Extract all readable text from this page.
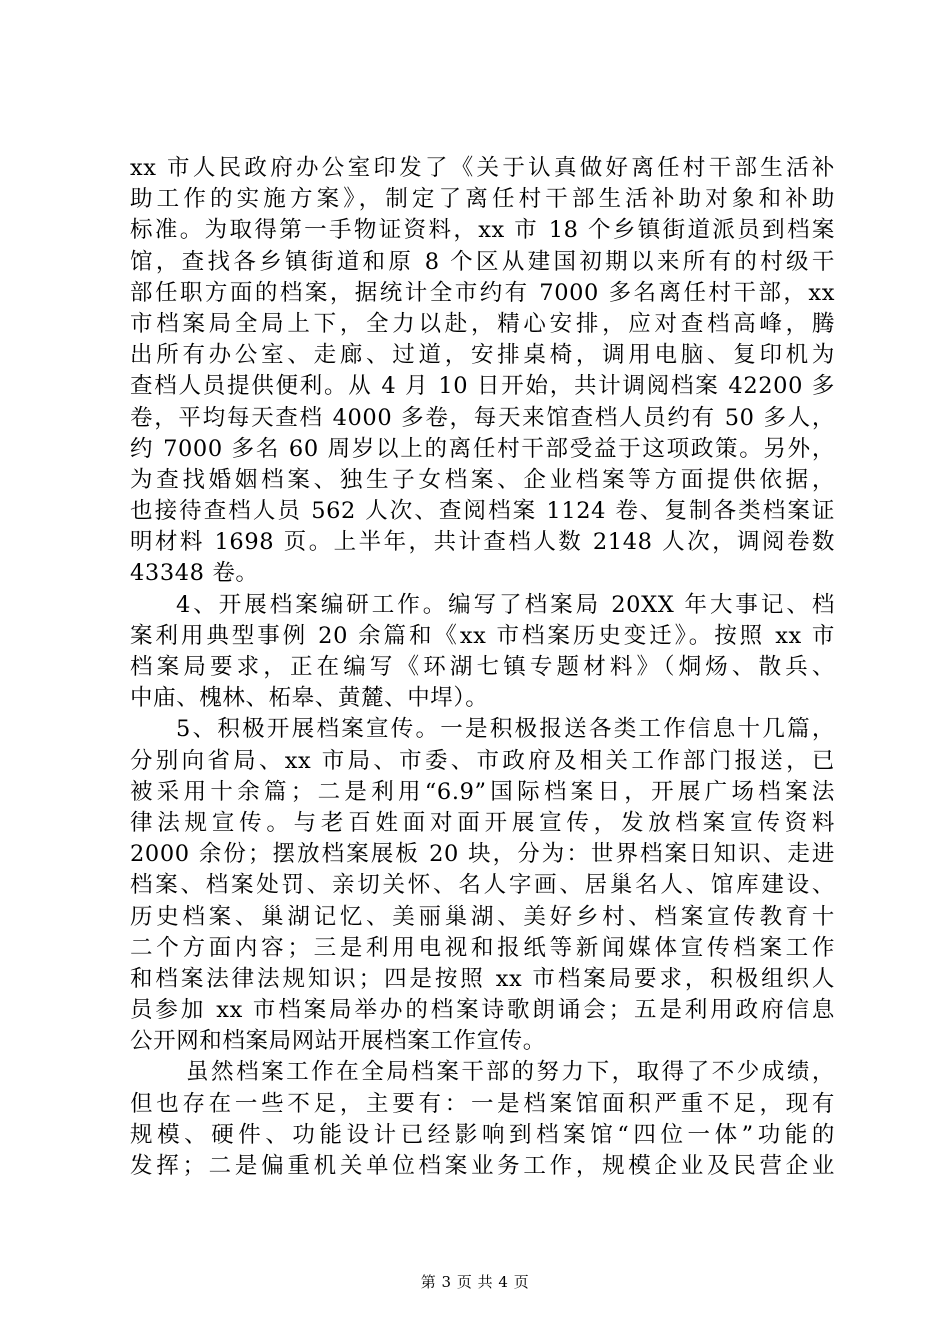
xx 市人民政府办公室印发了《关于认真做好离任村干部生活补
助工作的实施方案》，制定了离任村干部生活补助对象和补助
标准。为取得第一手物证资料，xx 市 18 个乡镇街道派员到档案
馆，查找各乡镇街道和原 8 个区从建国初期以来所有的村级干
部任职方面的档案，据统计全市约有 7000 多名离任村干部，xx
市档案局全局上下，全力以赴，精心安排，应对查档高峰，腾
出所有办公室、走廊、过道，安排桌椅，调用电脑、复印机为
查档人员提供便利。从 4 月 10 日开始，共计调阅档案 42200 多
卷，平均每天查档 4000 多卷，每天来馆查档人员约有 50 多人，
约 7000 多名 60 周岁以上的离任村干部受益于这项政策。另外，
为查找婚姻档案、独生子女档案、企业档案等方面提供依据，
也接待查档人员 562 人次、查阅档案 1124 卷、复制各类档案证
明材料 1698 页。上半年，共计查档人数 2148 人次，调阅卷数
43348 卷。
4、开展档案编研工作。编写了档案局 20XX 年大事记、档
案利用典型事例 20 余篇和《xx 市档案历史变迁》。按照 xx 市
档案局要求，正在编写《环湖七镇专题材料》（烔炀、散兵、
中庙、槐林、柘皋、黄麓、中垾）。
5、积极开展档案宣传。一是积极报送各类工作信息十几篇，
分别向省局、xx 市局、市委、市政府及相关工作部门报送，已
被采用十余篇；二是利用“6.9”国际档案日，开展广场档案法
律法规宣传。与老百姓面对面开展宣传，发放档案宣传资料
2000 余份；摆放档案展板 20 块，分为：世界档案日知识、走进
档案、档案处罚、亲切关怀、名人字画、居巢名人、馆库建设、
历史档案、巢湖记忆、美丽巢湖、美好乡村、档案宣传教育十
二个方面内容；三是利用电视和报纸等新闻媒体宣传档案工作
和档案法律法规知识；四是按照 xx 市档案局要求，积极组织人
员参加 xx 市档案局举办的档案诗歌朗诵会；五是利用政府信息
公开网和档案局网站开展档案工作宣传。
虽然档案工作在全局档案干部的努力下，取得了不少成绩，
但也存在一些不足，主要有：一是档案馆面积严重不足，现有
规模、硬件、功能设计已经影响到档案馆“四位一体”功能的
发挥；二是偏重机关单位档案业务工作，规模企业及民营企业
第 3 页 共 4 页
